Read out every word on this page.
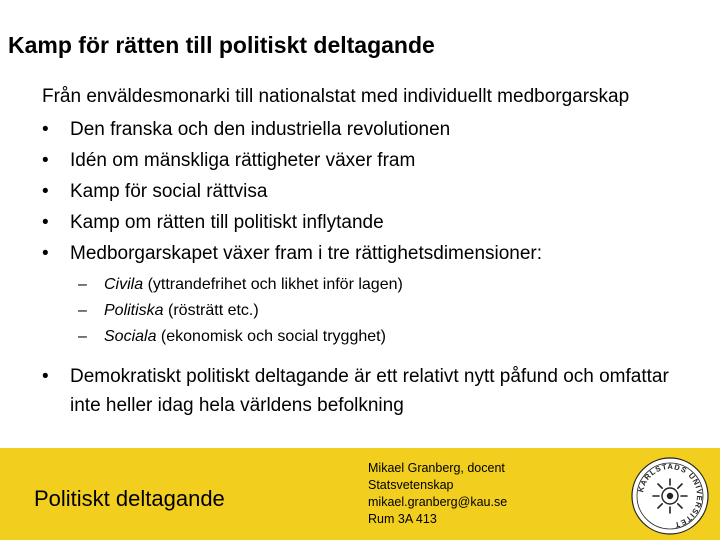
Kamp för rätten till politiskt deltagande

Från enväldesmonarki till nationalstat med individuellt medborgarskap

• Den franska och den industriella revolutionen
• Idén om mänskliga rättigheter växer fram
• Kamp för social rättvisa
• Kamp om rätten till politiskt inflytande
• Medborgarskapet växer fram i tre rättighetsdimensioner:
– Civila (yttrandefrihet och likhet inför lagen)
– Politiska (rösträtt etc.)
– Sociala (ekonomisk och social trygghet)
• Demokratiskt politiskt deltagande är ett relativt nytt påfund och omfattar inte heller idag hela världens befolkning
Politiskt deltagande
Mikael Granberg, docent
Statsvetenskap
mikael.granberg@kau.se
Rum 3A 413
KARLSTADS UNIVERSITET
